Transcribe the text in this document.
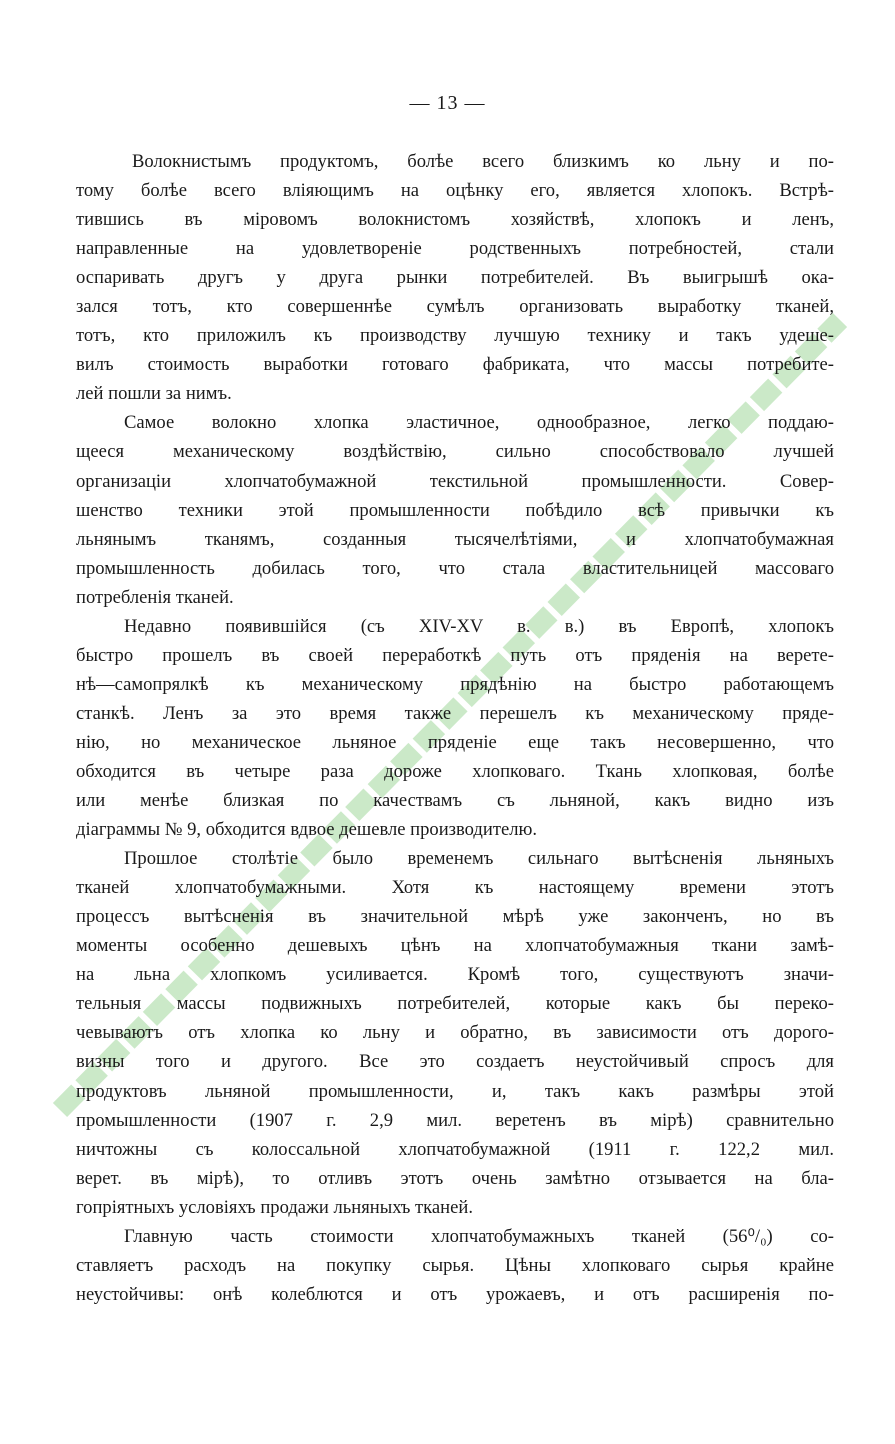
— 13 —
Волокнистымъ продуктомъ, болѣе всего близкимъ ко льну и по-
тому болѣе всего вліяющимъ на оцѣнку его, является хлопокъ. Встрѣ-
тившись въ міровомъ волокнистомъ хозяйствѣ, хлопокъ и ленъ,
направленные на удовлетвореніе родственныхъ потребностей, стали
оспаривать другъ у друга рынки потребителей. Въ выигрышѣ ока-
зался тотъ, кто совершеннѣе сумѣлъ организовать выработку тканей,
тотъ, кто приложилъ къ производству лучшую технику и такъ удеше-
вилъ стоимость выработки готоваго фабриката, что массы потребите-
лей пошли за нимъ.
Самое волокно хлопка эластичное, однообразное, легко поддаю-
щееся механическому воздѣйствію, сильно способствовало лучшей
организаціи хлопчатобумажной текстильной промышленности. Совер-
шенство техники этой промышленности побѣдило всѣ привычки къ
льнянымъ тканямъ, созданныя тысячелѣтіями, и хлопчатобумажная
промышленность добилась того, что стала властительницей массоваго
потребленія тканей.
Недавно появившійся (съ XIV-XV в. в.) въ Европѣ, хлопокъ
быстро прошелъ въ своей переработкѣ путь отъ пряденія на верете-
нѣ—самопрялкѣ къ механическому прядѣнію на быстро работающемъ
станкѣ. Ленъ за это время также перешелъ къ механическому пряде-
нію, но механическое льняное пряденіе еще такъ несовершенно, что
обходится въ четыре раза дороже хлопковаго. Ткань хлопковая, болѣе
или менѣе близкая по качествамъ съ льняной, какъ видно изъ
діаграммы № 9, обходится вдвое дешевле производителю.
Прошлое столѣтіе было временемъ сильнаго вытѣсненія льняныхъ
тканей хлопчатобумажными. Хотя къ настоящему времени этотъ
процессъ вытѣсненія въ значительной мѣрѣ уже законченъ, но въ
моменты особенно дешевыхъ цѣнъ на хлопчатобумажныя ткани замѣ-
на льна хлопкомъ усиливается. Кромѣ того, существуютъ значи-
тельныя массы подвижныхъ потребителей, которые какъ бы переко-
чевываютъ отъ хлопка ко льну и обратно, въ зависимости отъ дорого-
визны того и другого. Все это создаетъ неустойчивый спросъ для
продуктовъ льняной промышленности, и, такъ какъ размѣры этой
промышленности (1907 г. 2,9 мил. веретенъ въ мірѣ) сравнительно
ничтожны съ колоссальной хлопчатобумажной (1911 г. 122,2 мил.
верет. въ мірѣ), то отливъ этотъ очень замѣтно отзывается на бла-
гопріятныхъ условіяхъ продажи льняныхъ тканей.
Главную часть стоимости хлопчатобумажныхъ тканей (56⁰/₀) со-
ставляетъ расходъ на покупку сырья. Цѣны хлопковаго сырья крайне
неустойчивы: онѣ колеблются и отъ урожаевъ, и отъ расширенія по-
